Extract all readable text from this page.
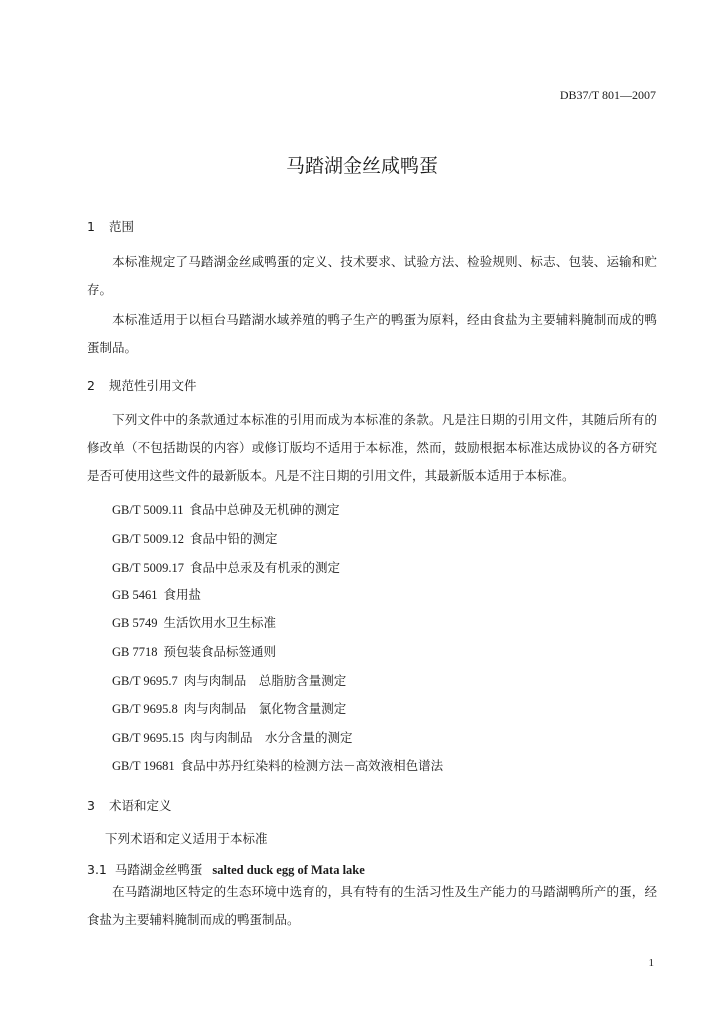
DB37/T 801—2007
马踏湖金丝咸鸭蛋
1 范围
本标准规定了马踏湖金丝咸鸭蛋的定义、技术要求、试验方法、检验规则、标志、包装、运输和贮存。
本标准适用于以桓台马踏湖水域养殖的鸭子生产的鸭蛋为原料，经由食盐为主要辅料腌制而成的鸭蛋制品。
2 规范性引用文件
下列文件中的条款通过本标准的引用而成为本标准的条款。凡是注日期的引用文件，其随后所有的修改单（不包括勘误的内容）或修订版均不适用于本标准，然而，鼓励根据本标准达成协议的各方研究是否可使用这些文件的最新版本。凡是不注日期的引用文件，其最新版本适用于本标准。
GB/T 5009.11 食品中总砷及无机砷的测定
GB/T 5009.12 食品中铅的测定
GB/T 5009.17 食品中总汞及有机汞的测定
GB 5461 食用盐
GB 5749 生活饮用水卫生标准
GB 7718 预包装食品标签通则
GB/T 9695.7 肉与肉制品　总脂肪含量测定
GB/T 9695.8 肉与肉制品　氯化物含量测定
GB/T 9695.15 肉与肉制品　水分含量的测定
GB/T 19681 食品中苏丹红染料的检测方法－高效液相色谱法
3 术语和定义
下列术语和定义适用于本标准
3.1 马踏湖金丝鸭蛋 salted duck egg of Mata lake
在马踏湖地区特定的生态环境中选育的，具有特有的生活习性及生产能力的马踏湖鸭所产的蛋，经食盐为主要辅料腌制而成的鸭蛋制品。
1
